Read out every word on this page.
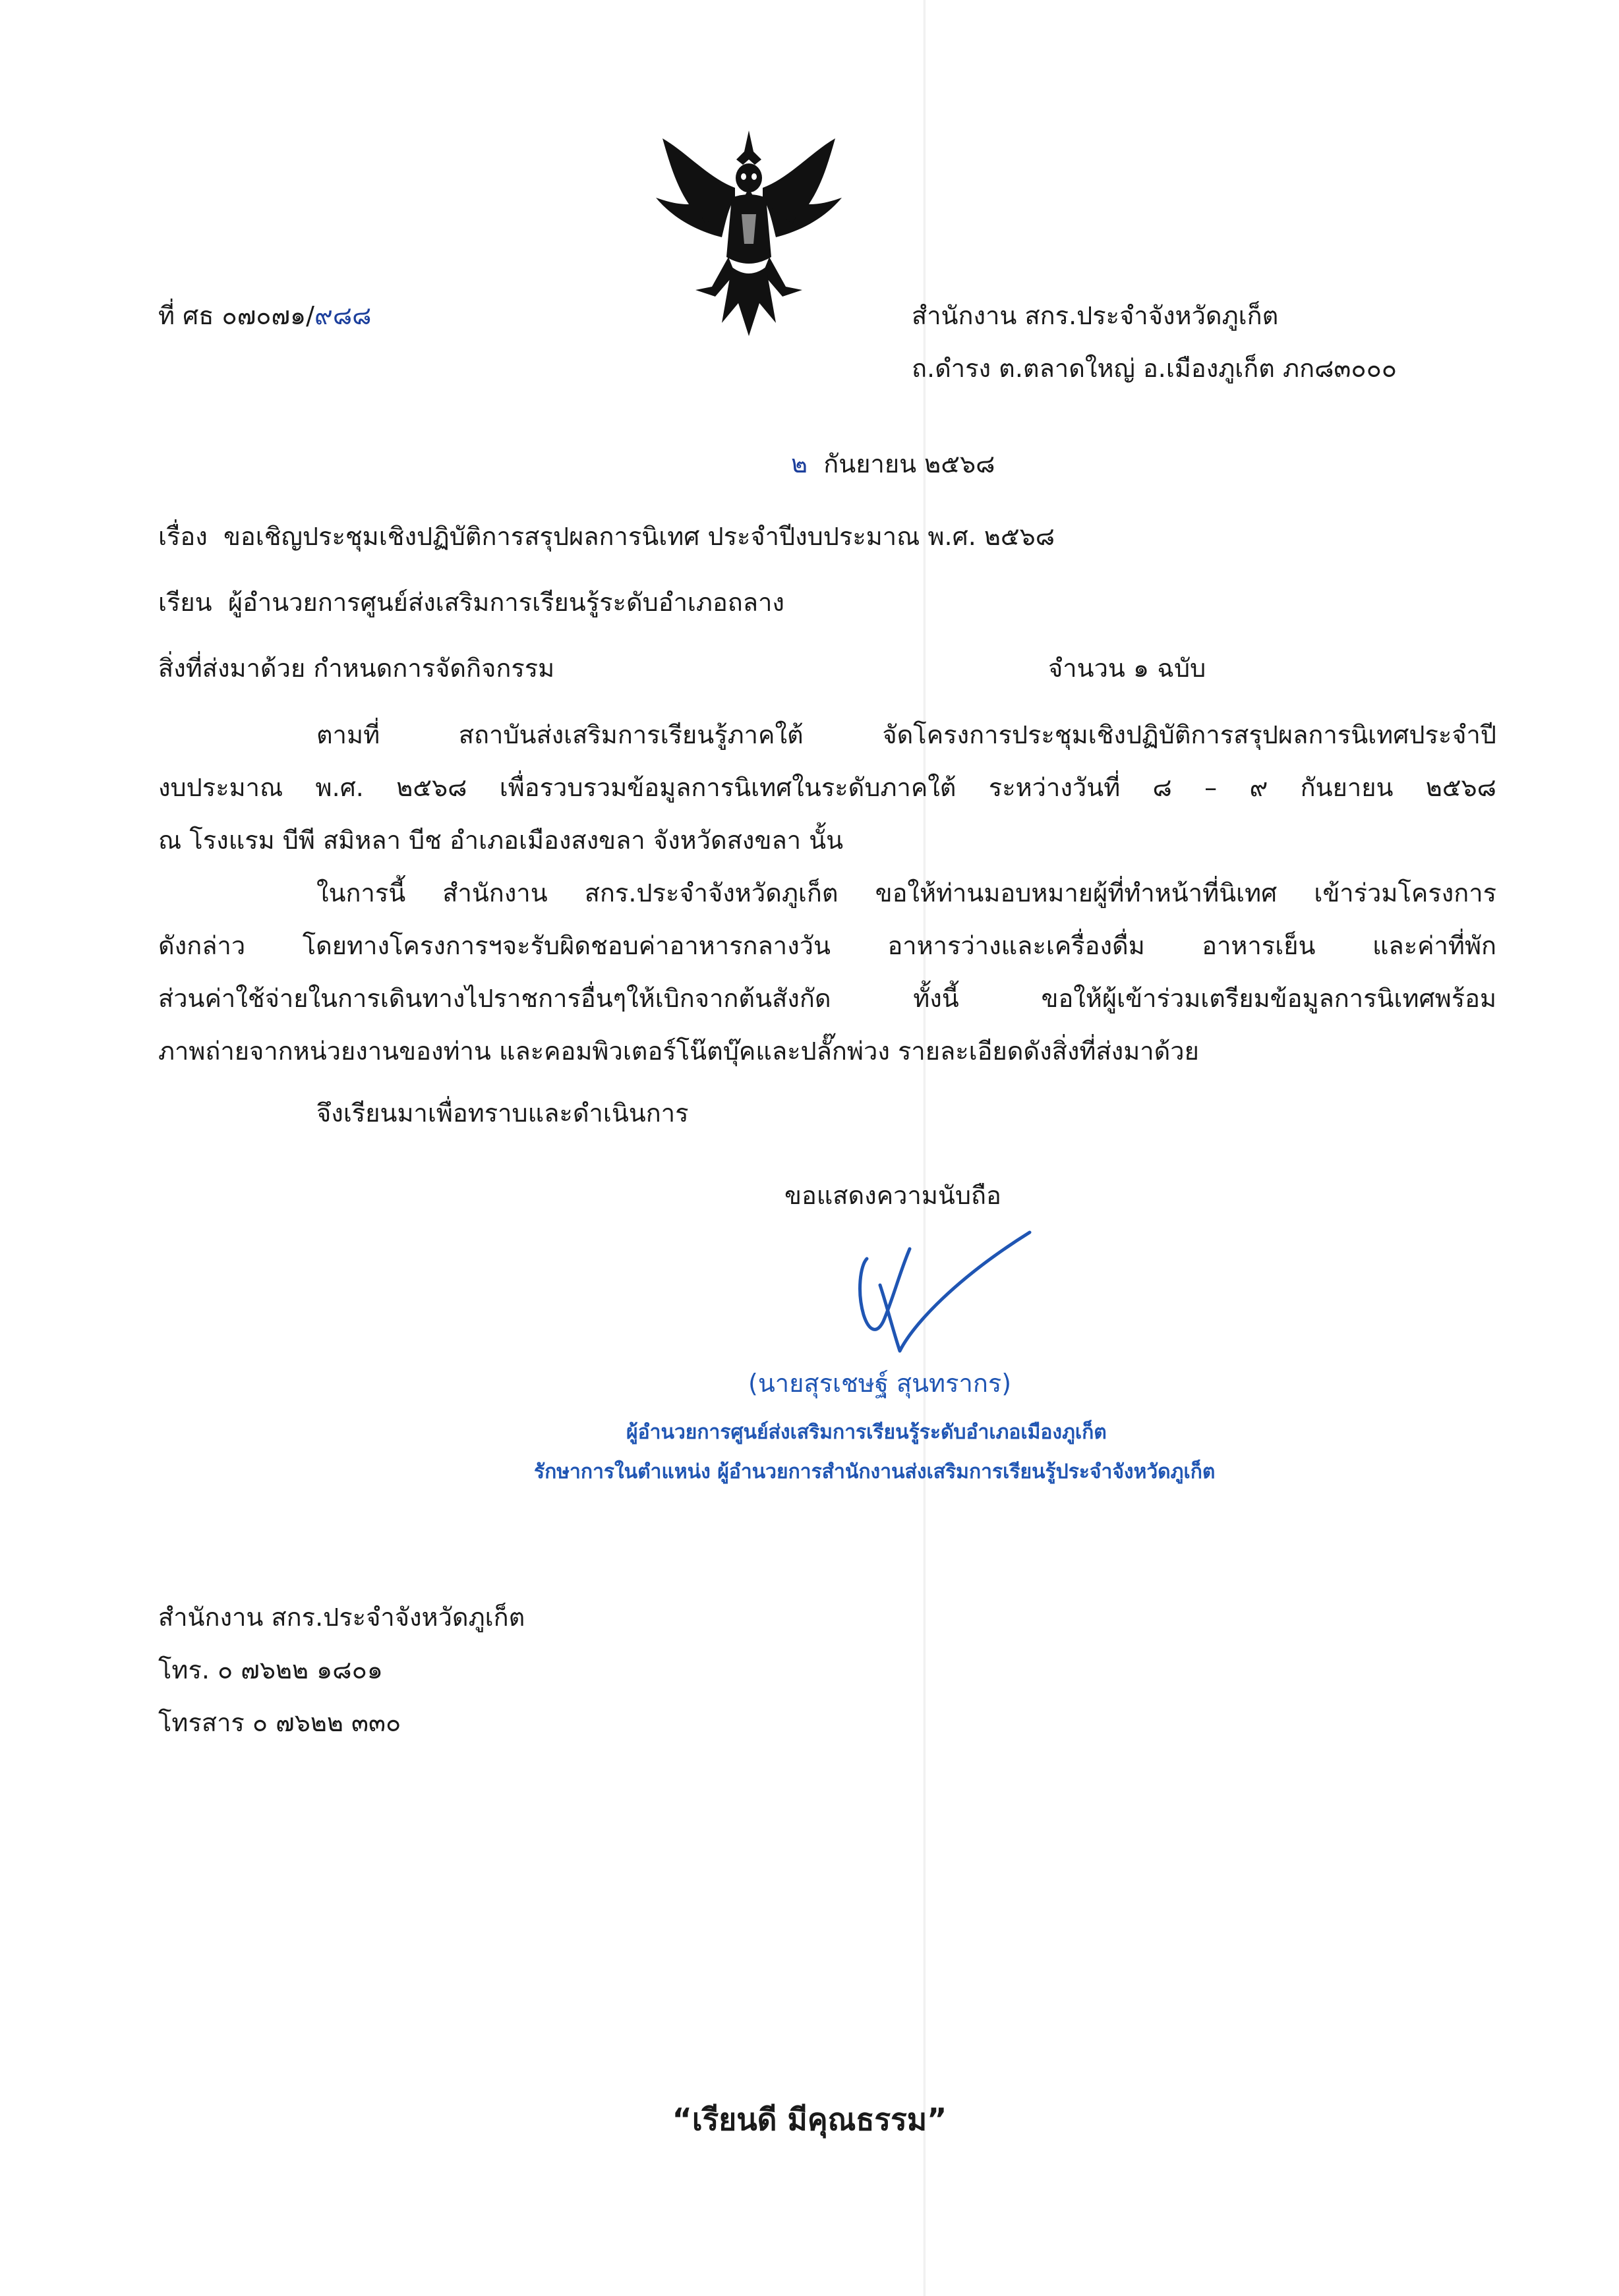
ที่ ศธ ๐๗๐๗๑/๙๘๘	สำนักงาน สกร.ประจำจังหวัดภูเก็ต
ถ.ดำรง ต.ตลาดใหญ่ อ.เมืองภูเก็ต ภก๘๓๐๐๐
๒ กันยายน ๒๕๖๘
เรื่อง ขอเชิญประชุมเชิงปฏิบัติการสรุปผลการนิเทศ ประจำปีงบประมาณ พ.ศ. ๒๕๖๘
เรียน ผู้อำนวยการศูนย์ส่งเสริมการเรียนรู้ระดับอำเภอถลาง
สิ่งที่ส่งมาด้วย กำหนดการจัดกิจกรรม	จำนวน ๑ ฉบับ
ตามที่ สถาบันส่งเสริมการเรียนรู้ภาคใต้ จัดโครงการประชุมเชิงปฏิบัติการสรุปผลการนิเทศประจำปี
งบประมาณ พ.ศ. ๒๕๖๘ เพื่อรวบรวมข้อมูลการนิเทศในระดับภาคใต้ ระหว่างวันที่ ๘ – ๙ กันยายน ๒๕๖๘
ณ โรงแรม บีพี สมิหลา บีช อำเภอเมืองสงขลา จังหวัดสงขลา นั้น
ในการนี้ สำนักงาน สกร.ประจำจังหวัดภูเก็ต ขอให้ท่านมอบหมายผู้ที่ทำหน้าที่นิเทศ เข้าร่วมโครงการ
ดังกล่าว โดยทางโครงการฯจะรับผิดชอบค่าอาหารกลางวัน อาหารว่างและเครื่องดื่ม อาหารเย็น และค่าที่พัก
ส่วนค่าใช้จ่ายในการเดินทางไปราชการอื่นๆให้เบิกจากต้นสังกัด ทั้งนี้ ขอให้ผู้เข้าร่วมเตรียมข้อมูลการนิเทศพร้อม
ภาพถ่ายจากหน่วยงานของท่าน และคอมพิวเตอร์โน๊ตบุ๊คและปลั๊กพ่วง รายละเอียดดังสิ่งที่ส่งมาด้วย
จึงเรียนมาเพื่อทราบและดำเนินการ
ขอแสดงความนับถือ
(นายสุรเชษฐ์ สุนทรากร)
ผู้อำนวยการศูนย์ส่งเสริมการเรียนรู้ระดับอำเภอเมืองภูเก็ต
รักษาการในตำแหน่ง ผู้อำนวยการสำนักงานส่งเสริมการเรียนรู้ประจำจังหวัดภูเก็ต
สำนักงาน สกร.ประจำจังหวัดภูเก็ต
โทร. ๐ ๗๖๒๒ ๑๘๐๑
โทรสาร ๐ ๗๖๒๒ ๓๓๐
“เรียนดี มีคุณธรรม”
